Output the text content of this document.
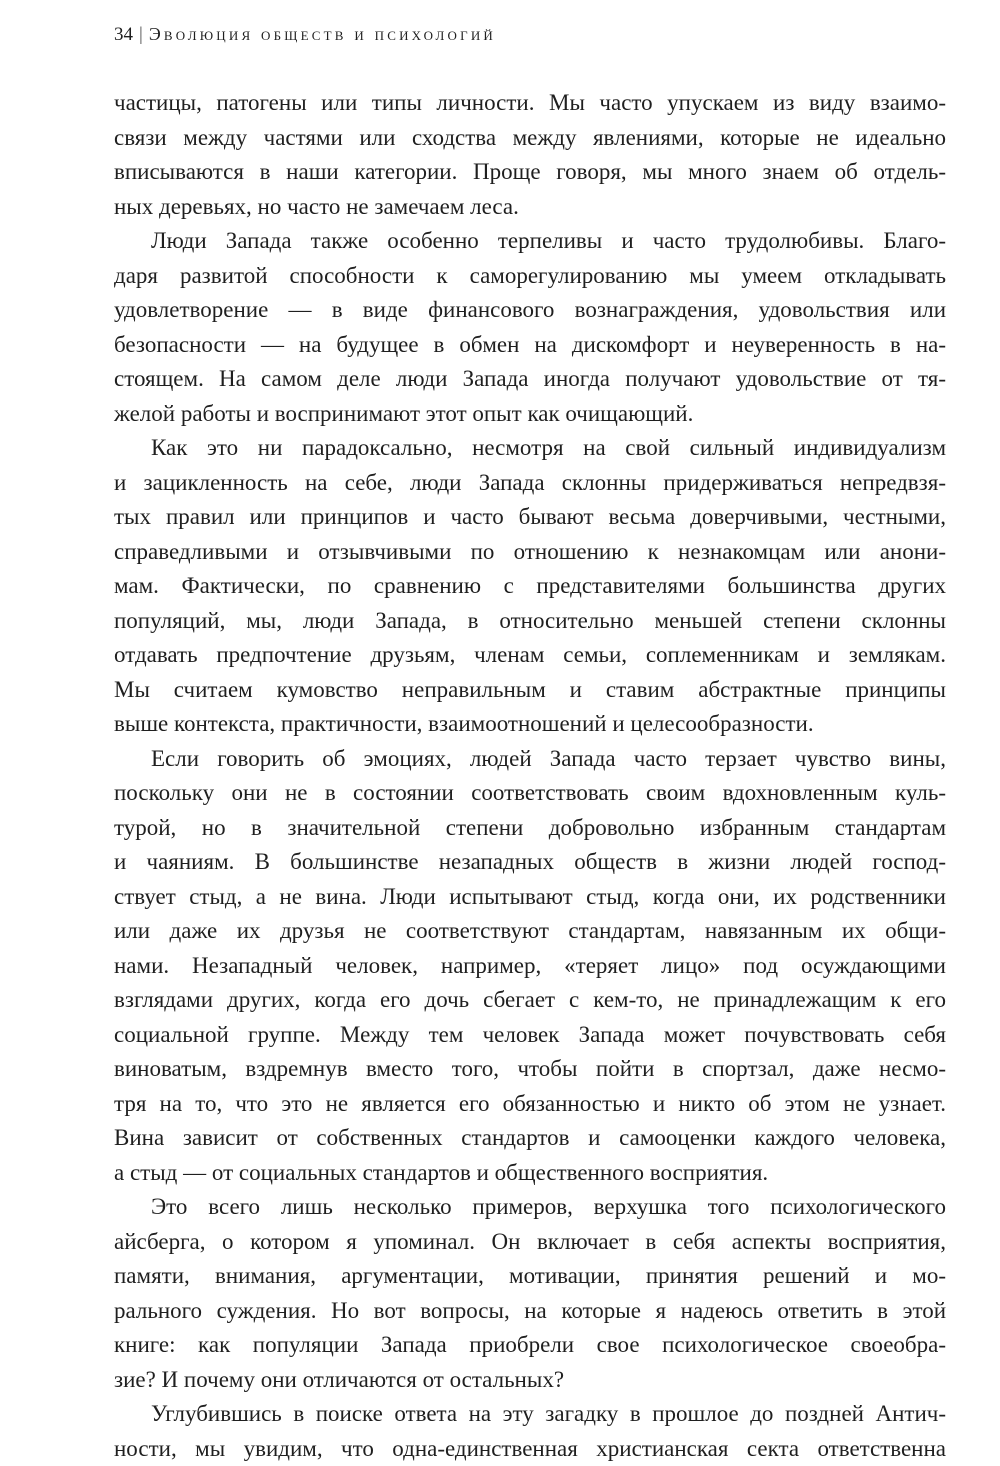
34 | Эволюция обществ и психологий
частицы, патогены или типы личности. Мы часто упускаем из виду взаимо-
связи между частями или сходства между явлениями, которые не идеально
вписываются в наши категории. Проще говоря, мы много знаем об отдель-
ных деревьях, но часто не замечаем леса.
Люди Запада также особенно терпеливы и часто трудолюбивы. Благо-
даря развитой способности к саморегулированию мы умеем откладывать
удовлетворение — в виде финансового вознаграждения, удовольствия или
безопасности — на будущее в обмен на дискомфорт и неуверенность в на-
стоящем. На самом деле люди Запада иногда получают удовольствие от тя-
желой работы и воспринимают этот опыт как очищающий.
Как это ни парадоксально, несмотря на свой сильный индивидуализм
и зацикленность на себе, люди Запада склонны придерживаться непредвзя-
тых правил или принципов и часто бывают весьма доверчивыми, честными,
справедливыми и отзывчивыми по отношению к незнакомцам или анони-
мам. Фактически, по сравнению с представителями большинства других
популяций, мы, люди Запада, в относительно меньшей степени склонны
отдавать предпочтение друзьям, членам семьи, соплеменникам и землякам.
Мы считаем кумовство неправильным и ставим абстрактные принципы
выше контекста, практичности, взаимоотношений и целесообразности.
Если говорить об эмоциях, людей Запада часто терзает чувство вины,
поскольку они не в состоянии соответствовать своим вдохновленным куль-
турой, но в значительной степени добровольно избранным стандартам
и чаяниям. В большинстве незападных обществ в жизни людей господ-
ствует стыд, а не вина. Люди испытывают стыд, когда они, их родственники
или даже их друзья не соответствуют стандартам, навязанным их общи-
нами. Незападный человек, например, «теряет лицо» под осуждающими
взглядами других, когда его дочь сбегает с кем-то, не принадлежащим к его
социальной группе. Между тем человек Запада может почувствовать себя
виноватым, вздремнув вместо того, чтобы пойти в спортзал, даже несмо-
тря на то, что это не является его обязанностью и никто об этом не узнает.
Вина зависит от собственных стандартов и самооценки каждого человека,
а стыд — от социальных стандартов и общественного восприятия.
Это всего лишь несколько примеров, верхушка того психологического
айсберга, о котором я упоминал. Он включает в себя аспекты восприятия,
памяти, внимания, аргументации, мотивации, принятия решений и мо-
рального суждения. Но вот вопросы, на которые я надеюсь ответить в этой
книге: как популяции Запада приобрели свое психологическое своеобра-
зие? И почему они отличаются от остальных?
Углубившись в поиске ответа на эту загадку в прошлое до поздней Антич-
ности, мы увидим, что одна-единственная христианская секта ответственна
